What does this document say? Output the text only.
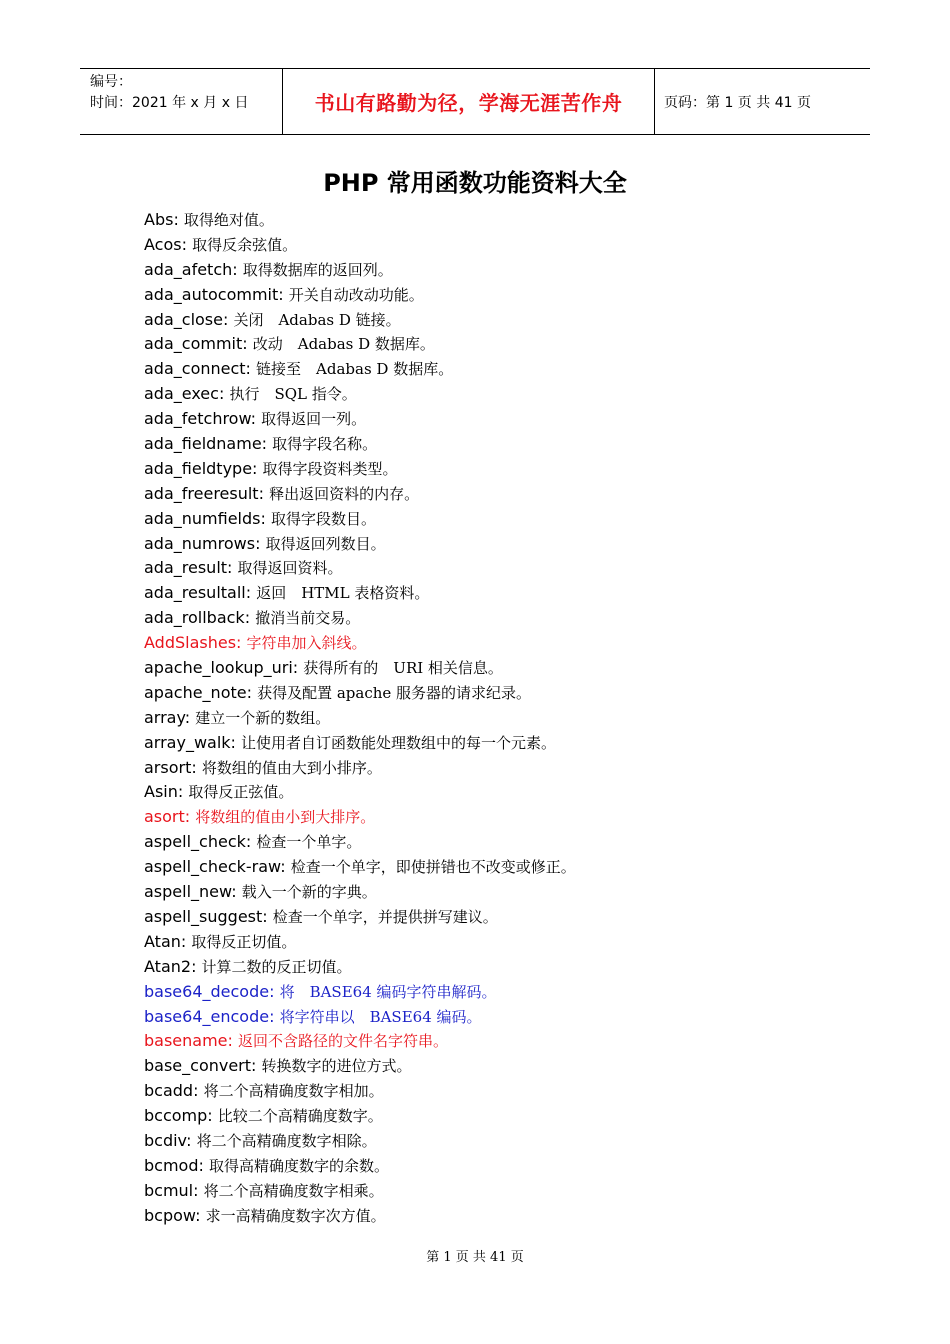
编号：
时间：2021 年 x 月 x 日	书山有路勤为径，学海无涯苦作舟	页码：第 1 页 共 41 页
PHP 常用函数功能资料大全
Abs: 取得绝对值。
Acos: 取得反余弦值。
ada_afetch: 取得数据库的返回列。
ada_autocommit: 开关自动改动功能。
ada_close: 关闭　Adabas D 链接。
ada_commit: 改动　Adabas D 数据库。
ada_connect: 链接至　Adabas D 数据库。
ada_exec: 执行　SQL 指令。
ada_fetchrow: 取得返回一列。
ada_fieldname: 取得字段名称。
ada_fieldtype: 取得字段资料类型。
ada_freeresult: 释出返回资料的内存。
ada_numfields: 取得字段数目。
ada_numrows: 取得返回列数目。
ada_result: 取得返回资料。
ada_resultall: 返回　HTML 表格资料。
ada_rollback: 撤消当前交易。
AddSlashes: 字符串加入斜线。
apache_lookup_uri: 获得所有的　URI 相关信息。
apache_note: 获得及配置 apache 服务器的请求纪录。
array: 建立一个新的数组。
array_walk: 让使用者自订函数能处理数组中的每一个元素。
arsort: 将数组的值由大到小排序。
Asin: 取得反正弦值。
asort: 将数组的值由小到大排序。
aspell_check: 检查一个单字。
aspell_check-raw: 检查一个单字，即使拼错也不改变或修正。
aspell_new: 载入一个新的字典。
aspell_suggest: 检查一个单字，并提供拼写建议。
Atan: 取得反正切值。
Atan2: 计算二数的反正切值。
base64_decode: 将　BASE64 编码字符串解码。
base64_encode: 将字符串以　BASE64 编码。
basename: 返回不含路径的文件名字符串。
base_convert: 转换数字的进位方式。
bcadd: 将二个高精确度数字相加。
bccomp: 比较二个高精确度数字。
bcdiv: 将二个高精确度数字相除。
bcmod: 取得高精确度数字的余数。
bcmul: 将二个高精确度数字相乘。
bcpow: 求一高精确度数字次方值。
第 1 页 共 41 页
